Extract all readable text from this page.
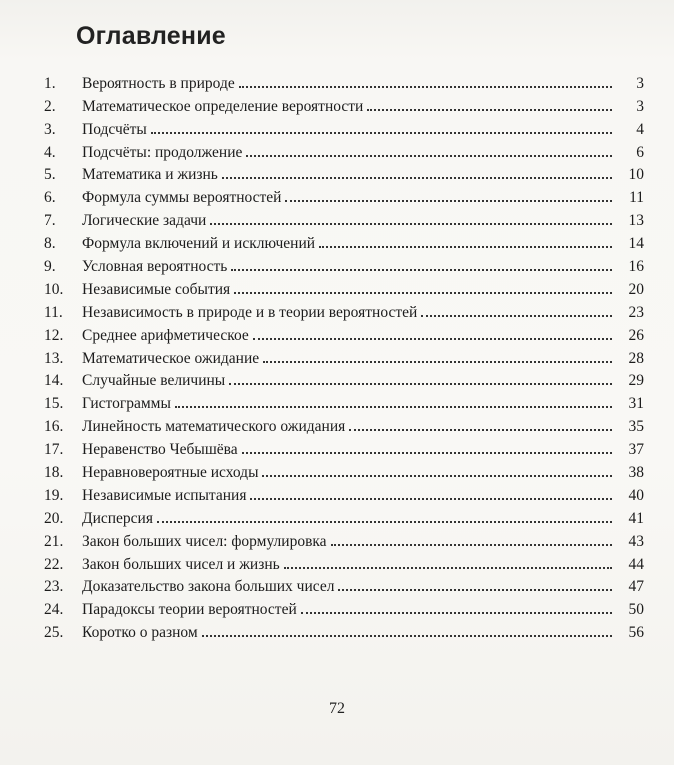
Оглавление
1.	Вероятность в природе	3
2.	Математическое определение вероятности	3
3.	Подсчёты	4
4.	Подсчёты: продолжение	6
5.	Математика и жизнь	10
6.	Формула суммы вероятностей	11
7.	Логические задачи	13
8.	Формула включений и исключений	14
9.	Условная вероятность	16
10.	Независимые события	20
11.	Независимость в природе и в теории вероятностей	23
12.	Среднее арифметическое	26
13.	Математическое ожидание	28
14.	Случайные величины	29
15.	Гистограммы	31
16.	Линейность математического ожидания	35
17.	Неравенство Чебышёва	37
18.	Неравновероятные исходы	38
19.	Независимые испытания	40
20.	Дисперсия	41
21.	Закон больших чисел: формулировка	43
22.	Закон больших чисел и жизнь	44
23.	Доказательство закона больших чисел	47
24.	Парадоксы теории вероятностей	50
25.	Коротко о разном	56
72
